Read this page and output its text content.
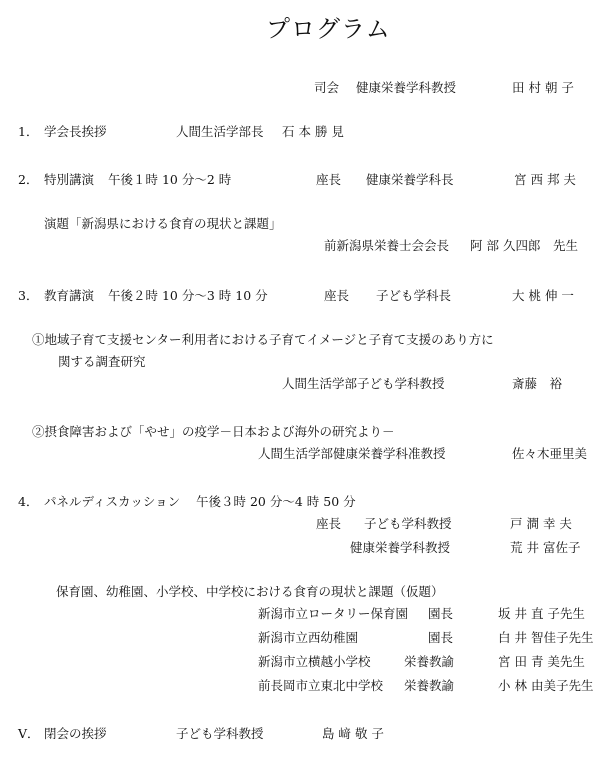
プログラム
司会 健康栄養学科教授	田 村 朝 子
1． 学会長挨拶	人間生活学部長 石 本 勝 見
2． 特別講演 午後１時 10 分～2 時	座長 健康栄養学科長	宮 西 邦 夫
演題「新潟県における食育の現状と課題」
前新潟県栄養士会会長 阿 部 久四郎　先生
3． 教育講演 午後２時 10 分～3 時 10 分	座長 子ども学科長	大 桃 伸 一
①地域子育て支援センター利用者における子育てイメージと子育て支援のあり方に
関する調査研究
人間生活学部子ども学科教授	斎藤　裕
②摂食障害および「やせ」の疫学－日本および海外の研究より－
人間生活学部健康栄養学科准教授	佐々木亜里美
4． パネルディスカッション 午後３時 20 分～4 時 50 分
座長 子ども学科教授	戸 澗 幸 夫
健康栄養学科教授	荒 井 富佐子
保育園、幼稚園、小学校、中学校における食育の現状と課題（仮題）
新潟市立ロータリー保育園 園長	坂 井 直 子先生
新潟市立西幼稚園	園長	白 井 智佳子先生
新潟市立横越小学校	栄養教諭	宮 田 青 美先生
前長岡市立東北中学校 栄養教諭	小 林 由美子先生
V． 閉会の挨拶	子ども学科教授	島 﨑 敬 子
